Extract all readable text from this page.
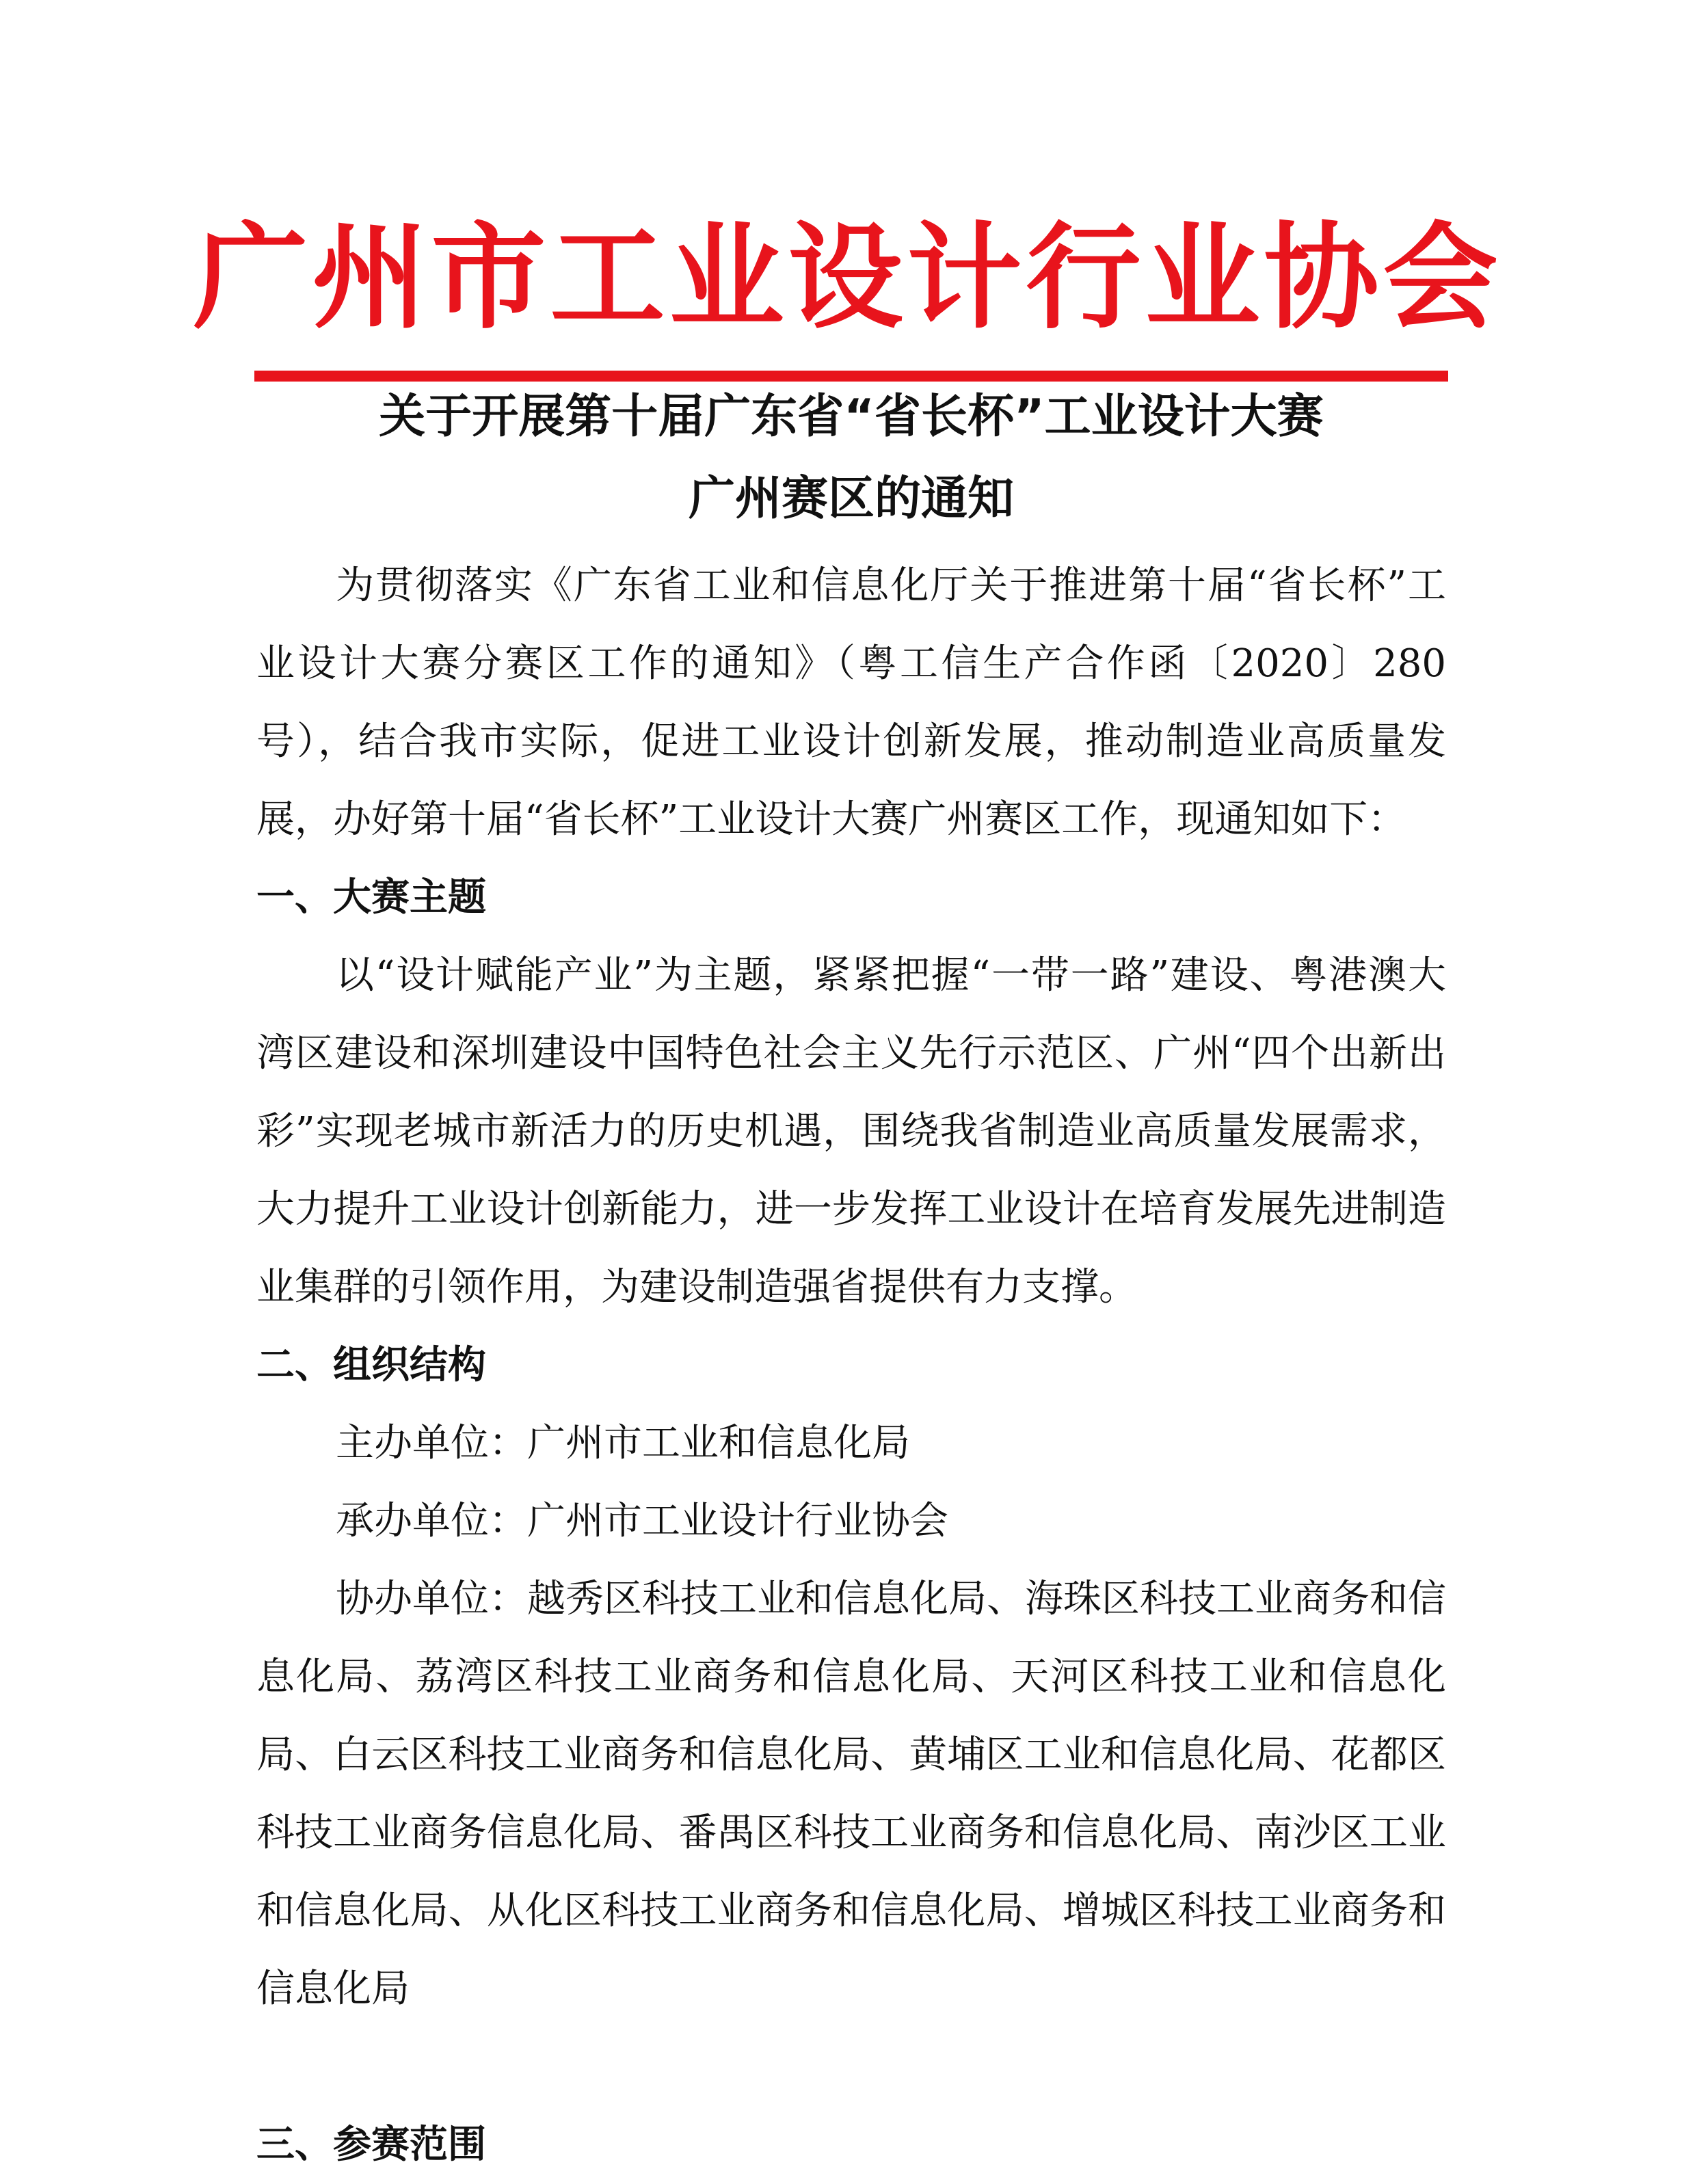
广州市工业设计行业协会
关于开展第十届广东省“省长杯”工业设计大赛
广州赛区的通知

为贯彻落实《广东省工业和信息化厅关于推进第十届“省长杯”工业设计大赛分赛区工作的通知》（粤工信生产合作函〔2020〕280号），结合我市实际，促进工业设计创新发展，推动制造业高质量发展，办好第十届“省长杯”工业设计大赛广州赛区工作，现通知如下：

一、大赛主题

以“设计赋能产业”为主题，紧紧把握“一带一路”建设、粤港澳大湾区建设和深圳建设中国特色社会主义先行示范区、广州“四个出新出彩”实现老城市新活力的历史机遇，围绕我省制造业高质量发展需求，大力提升工业设计创新能力，进一步发挥工业设计在培育发展先进制造业集群的引领作用，为建设制造强省提供有力支撑。

二、组织结构

主办单位：广州市工业和信息化局

承办单位：广州市工业设计行业协会

协办单位：越秀区科技工业和信息化局、海珠区科技工业商务和信息化局、荔湾区科技工业商务和信息化局、天河区科技工业和信息化局、白云区科技工业商务和信息化局、黄埔区工业和信息化局、花都区科技工业商务信息化局、番禺区科技工业商务和信息化局、南沙区工业和信息化局、从化区科技工业商务和信息化局、增城区科技工业商务和信息化局

三、参赛范围
